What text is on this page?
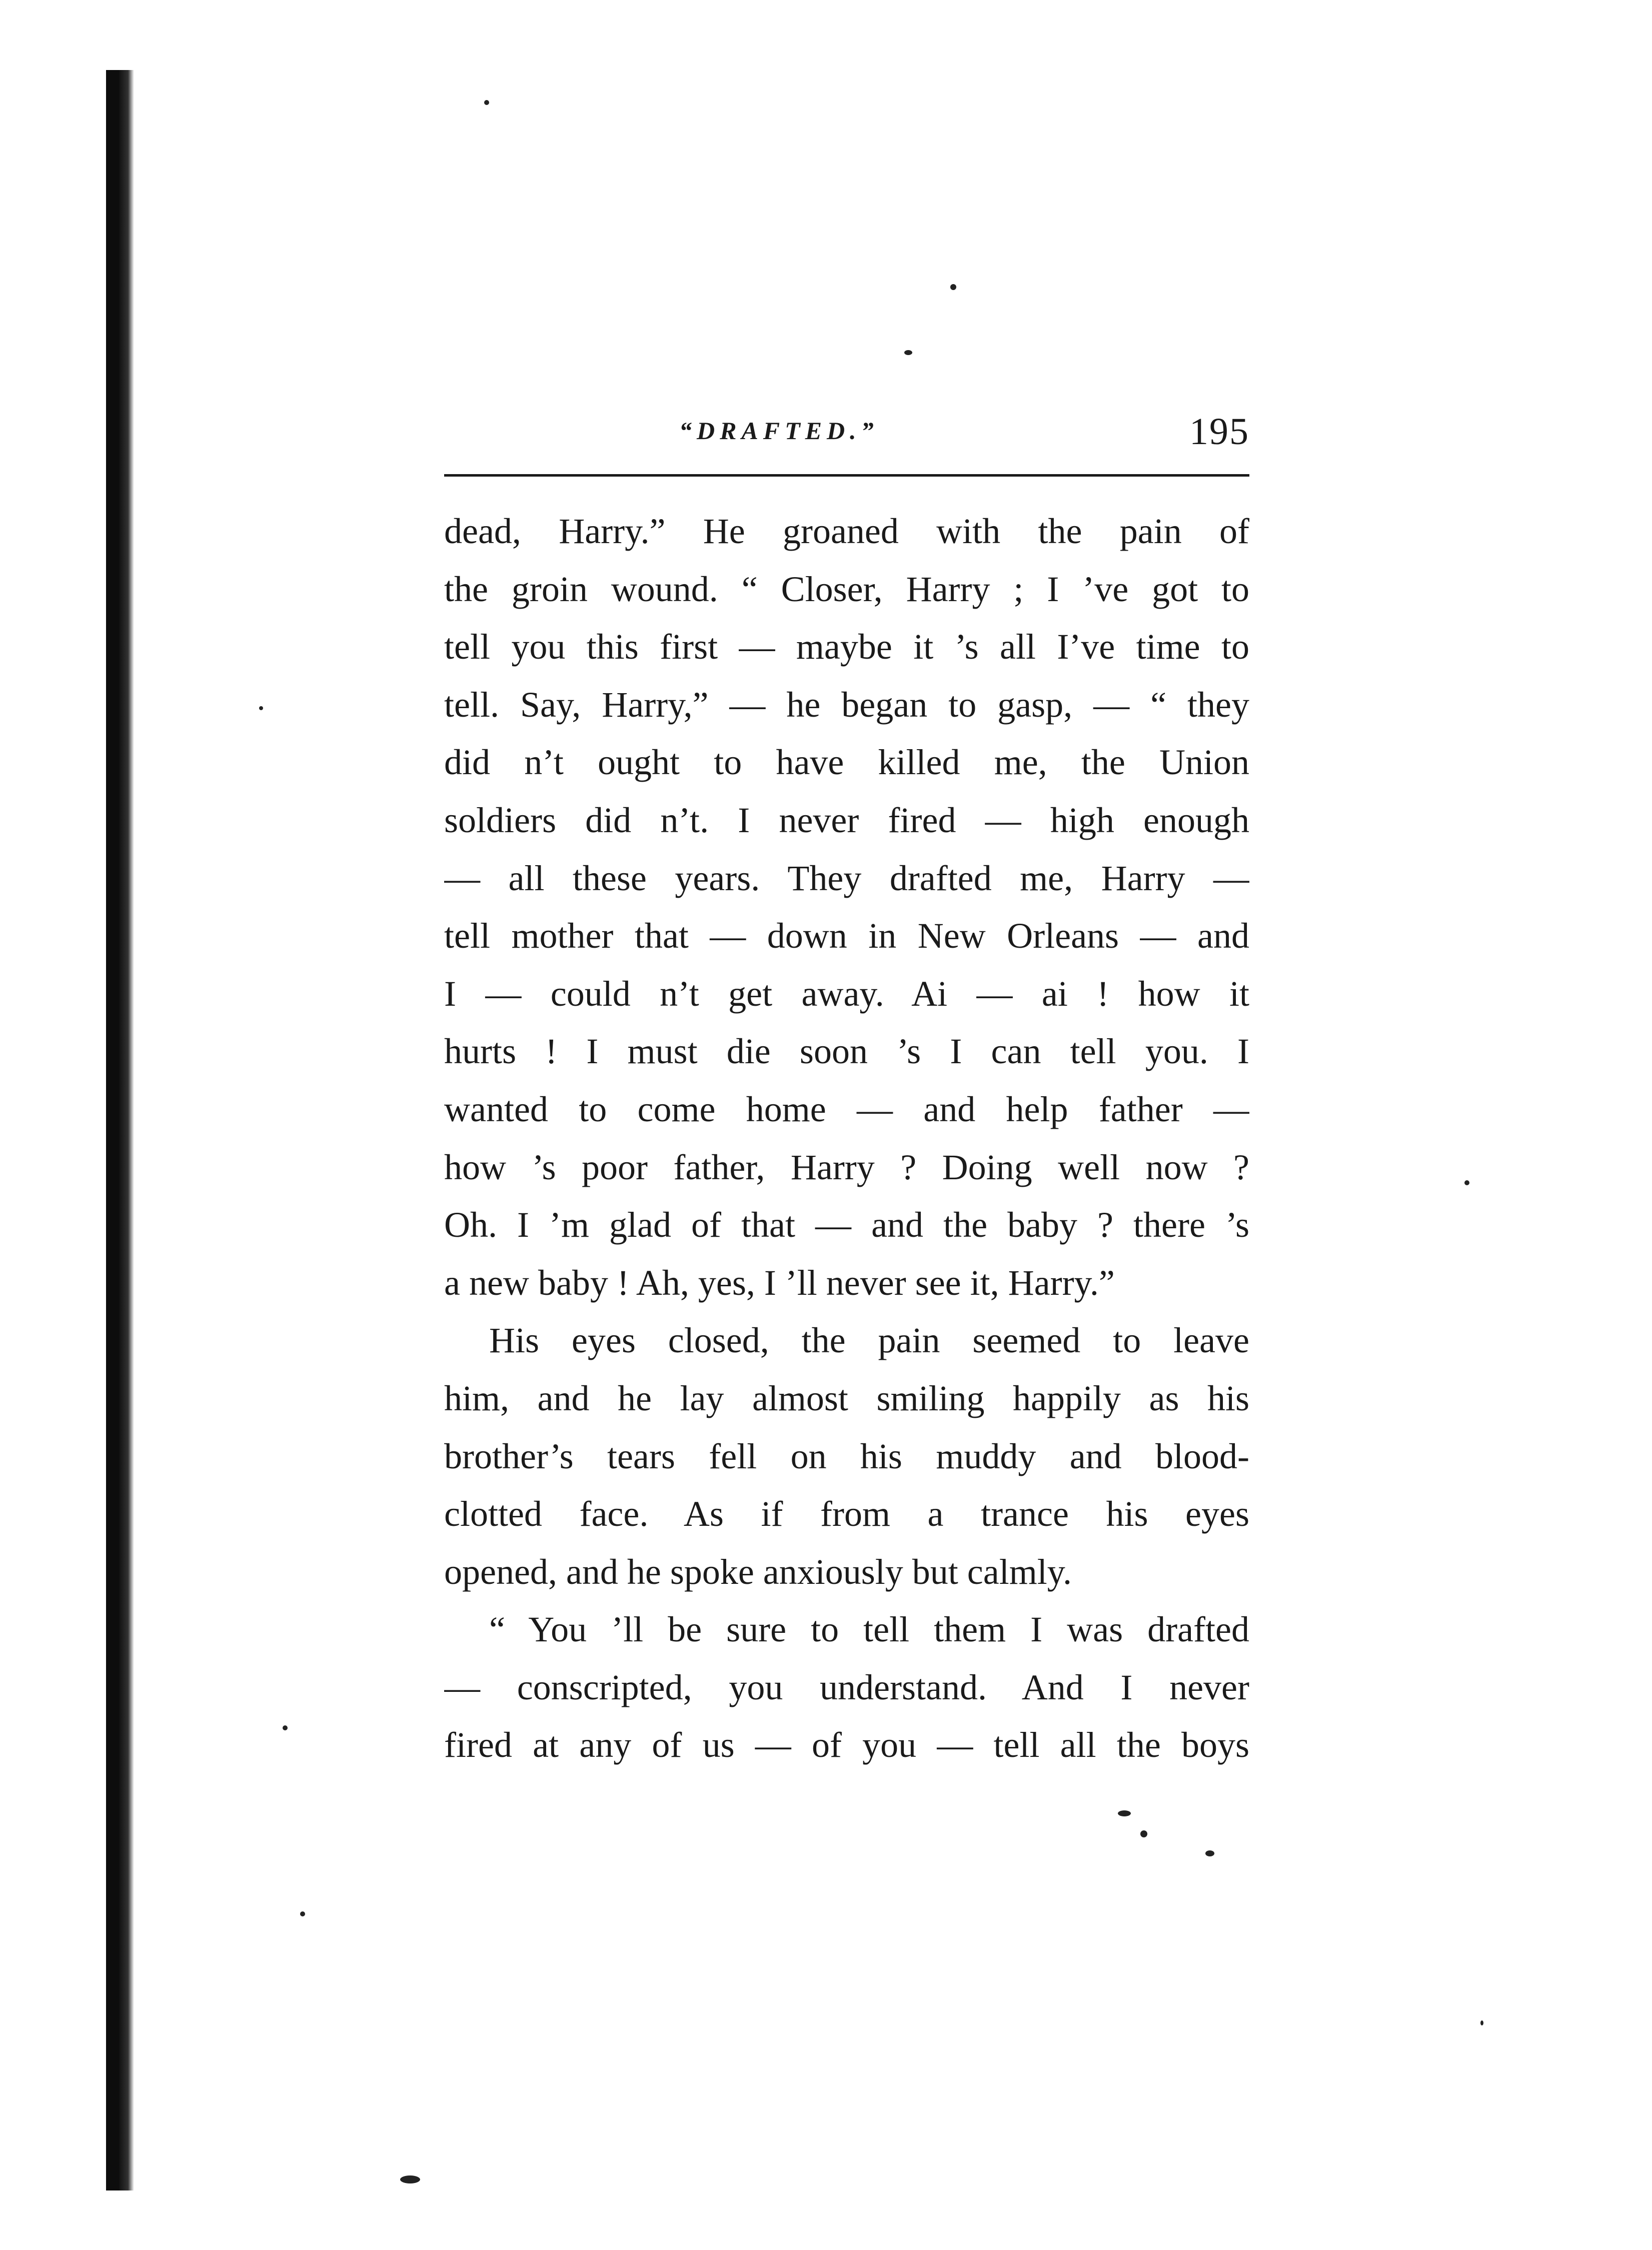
“DRAFTED.”	195
dead, Harry.” He groaned with the pain of
the groin wound. “ Closer, Harry ; I ’ve got to
tell you this first — maybe it ’s all I’ve time to
tell. Say, Harry,” — he began to gasp, — “ they
did n’t ought to have killed me, the Union
soldiers did n’t. I never fired — high enough
— all these years. They drafted me, Harry —
tell mother that — down in New Orleans — and
I — could n’t get away. Ai — ai ! how it
hurts ! I must die soon ’s I can tell you. I
wanted to come home — and help father —
how ’s poor father, Harry ? Doing well now ?
Oh. I ’m glad of that — and the baby ? there ’s
a new baby ! Ah, yes, I ’ll never see it, Harry.”
His eyes closed, the pain seemed to leave
him, and he lay almost smiling happily as his
brother’s tears fell on his muddy and blood-
clotted face. As if from a trance his eyes
opened, and he spoke anxiously but calmly.
“ You ’ll be sure to tell them I was drafted
— conscripted, you understand. And I never
fired at any of us — of you — tell all the boys
